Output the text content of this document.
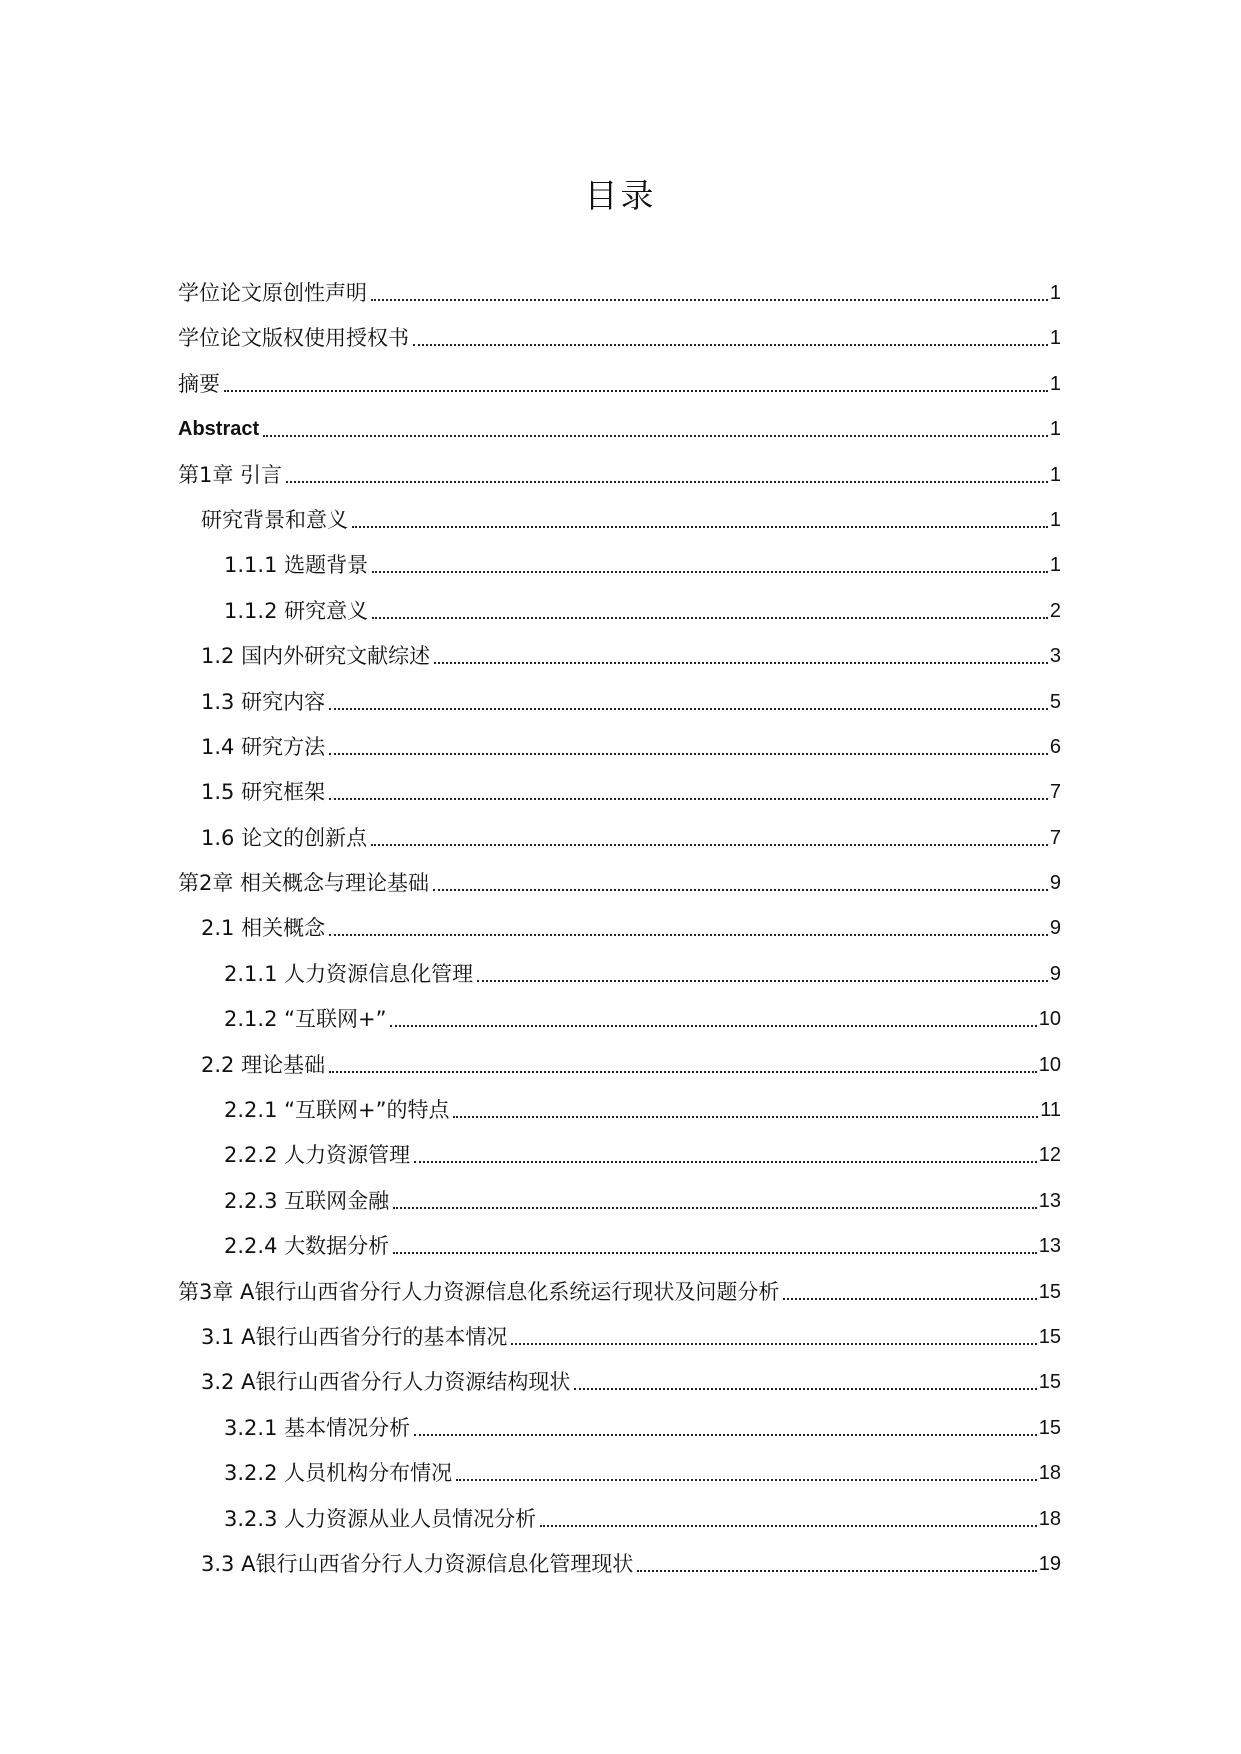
目录
学位论文原创性声明	1
学位论文版权使用授权书	1
摘要	1
Abstract	1
第1章 引言	1
研究背景和意义	1
1.1.1 选题背景	1
1.1.2 研究意义	2
1.2 国内外研究文献综述	3
1.3 研究内容	5
1.4 研究方法	6
1.5 研究框架	7
1.6 论文的创新点	7
第2章 相关概念与理论基础	9
2.1 相关概念	9
2.1.1 人力资源信息化管理	9
2.1.2 “互联网+”	10
2.2 理论基础	10
2.2.1 “互联网+”的特点	11
2.2.2 人力资源管理	12
2.2.3 互联网金融	13
2.2.4 大数据分析	13
第3章 A银行山西省分行人力资源信息化系统运行现状及问题分析	15
3.1 A银行山西省分行的基本情况	15
3.2 A银行山西省分行人力资源结构现状	15
3.2.1 基本情况分析	15
3.2.2 人员机构分布情况	18
3.2.3 人力资源从业人员情况分析	18
3.3 A银行山西省分行人力资源信息化管理现状	19
